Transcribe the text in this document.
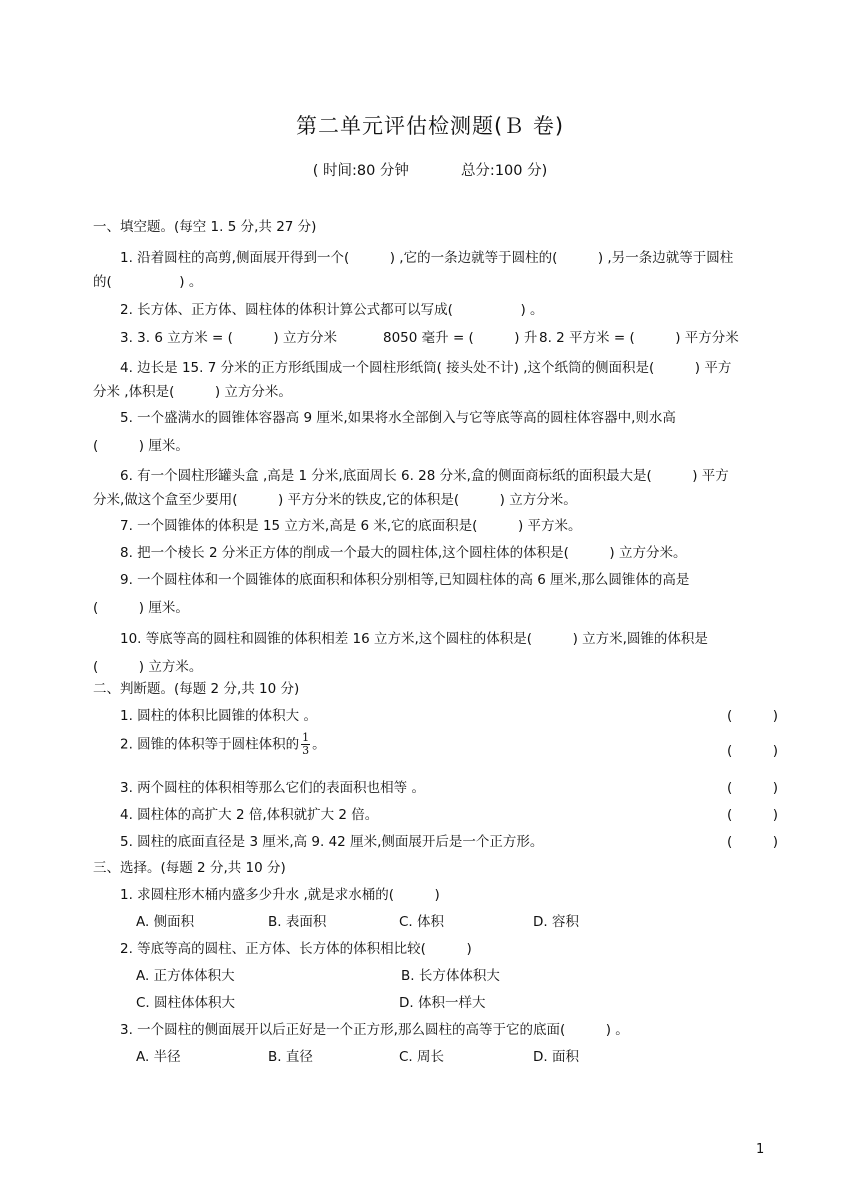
第二单元评估检测题(Ｂ 卷)
( 时间:80 分钟	总分:100 分)
一、填空题。(每空 1. 5 分,共 27 分)
1. 沿着圆柱的高剪,侧面展开得到一个(　　　) ,它的一条边就等于圆柱的(　　　) ,另一条边就等于圆柱
的(　　　　　) 。
2. 长方体、正方体、圆柱体的体积计算公式都可以写成(　　　　　) 。
3. 3. 6 立方米 = (　　　) 立方分米	8050 毫升 = (　　　) 升 8. 2 平方米 = (　　　) 平方分米
4. 边长是 15. 7 分米的正方形纸围成一个圆柱形纸筒( 接头处不计) ,这个纸筒的侧面积是(　　　) 平方
分米 ,体积是(　　　) 立方分米。
5. 一个盛满水的圆锥体容器高 9 厘米,如果将水全部倒入与它等底等高的圆柱体容器中,则水高
(　　　) 厘米。
6. 有一个圆柱形罐头盒 ,高是 1 分米,底面周长 6. 28 分米,盒的侧面商标纸的面积最大是(　　　) 平方
分米,做这个盒至少要用(　　　) 平方分米的铁皮,它的体积是(　　　) 立方分米。
7. 一个圆锥体的体积是 15 立方米,高是 6 米,它的底面积是(　　　) 平方米。
8. 把一个棱长 2 分米正方体的削成一个最大的圆柱体,这个圆柱体的体积是(　　　) 立方分米。
9. 一个圆柱体和一个圆锥体的底面积和体积分别相等,已知圆柱体的高 6 厘米,那么圆锥体的高是
(　　　) 厘米。
10. 等底等高的圆柱和圆锥的体积相差 16 立方米,这个圆柱的体积是(　　　) 立方米,圆锥的体积是
(　　　) 立方米。
二、判断题。(每题 2 分,共 10 分)
1. 圆柱的体积比圆锥的体积大 。	(　　　)
2. 圆锥的体积等于圆柱体积的 $\frac{1}{3}$ 。	(　　　)
3. 两个圆柱的体积相等那么它们的表面积也相等 。	(　　　)
4. 圆柱体的高扩大 2 倍,体积就扩大 2 倍。	(　　　)
5. 圆柱的底面直径是 3 厘米,高 9. 42 厘米,侧面展开后是一个正方形。	(　　　)
三、选择。(每题 2 分,共 10 分)
1. 求圆柱形木桶内盛多少升水 ,就是求水桶的(　　　)
A. 侧面积	B. 表面积	C. 体积	D. 容积
2. 等底等高的圆柱、正方体、长方体的体积相比较(　　　)
A. 正方体体积大	B. 长方体体积大
C. 圆柱体体积大	D. 体积一样大
3. 一个圆柱的侧面展开以后正好是一个正方形,那么圆柱的高等于它的底面(　　　) 。
A. 半径	B. 直径	C. 周长	D. 面积
1
